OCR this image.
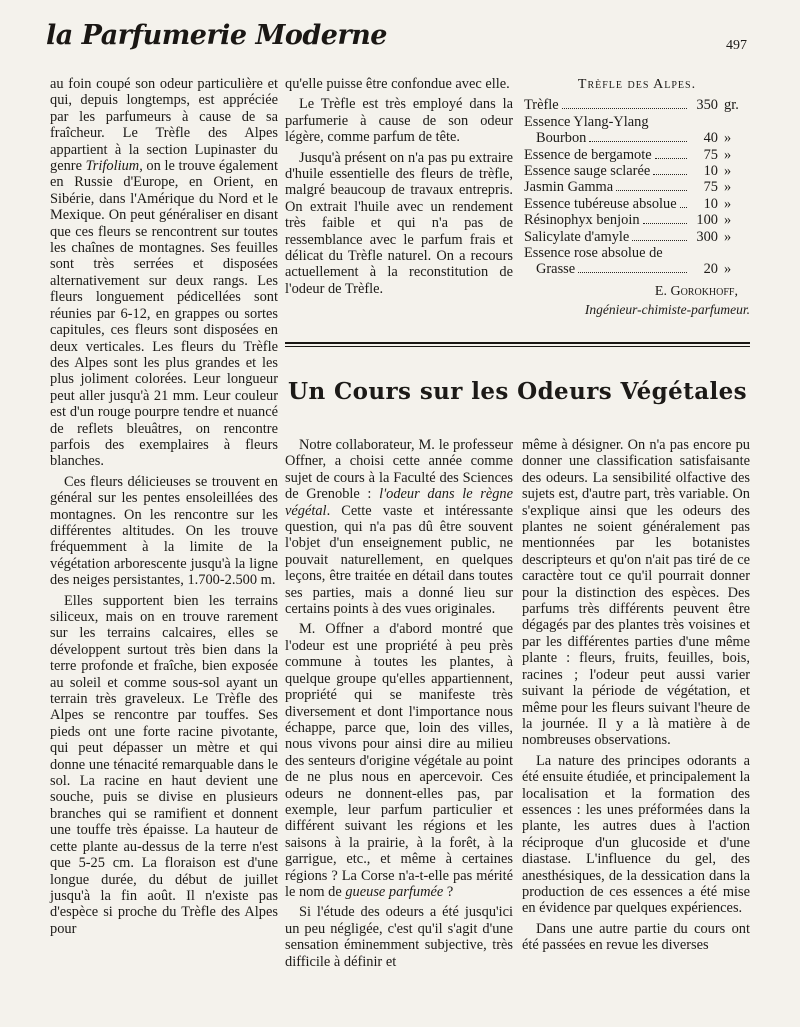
la Parfumerie Moderne	497

au foin coupé son odeur particulière et qui, depuis longtemps, est appréciée par les parfumeurs à cause de sa fraîcheur. Le Trèfle des Alpes appartient à la section Lupinaster du genre Trifolium, on le trouve également en Russie d'Europe, en Orient, en Sibérie, dans l'Amérique du Nord et le Mexique. On peut généraliser en disant que ces fleurs se rencontrent sur toutes les chaînes de montagnes. Ses feuilles sont très serrées et disposées alternativement sur deux rangs. Les fleurs longuement pédicellées sont réunies par 6-12, en grappes ou sortes capitules, ces fleurs sont disposées en deux verticales. Les fleurs du Trèfle des Alpes sont les plus grandes et les plus joliment colorées. Leur longueur peut aller jusqu'à 21 mm. Leur couleur est d'un rouge pourpre tendre et nuancé de reflets bleuâtres, on rencontre parfois des exemplaires à fleurs blanches.

Ces fleurs délicieuses se trouvent en général sur les pentes ensoleillées des montagnes. On les rencontre sur les différentes altitudes. On les trouve fréquemment à la limite de la végétation arborescente jusqu'à la ligne des neiges persistantes, 1.700-2.500 m.

Elles supportent bien les terrains siliceux, mais on en trouve rarement sur les terrains calcaires, elles se développent surtout très bien dans la terre profonde et fraîche, bien exposée au soleil et comme sous-sol ayant un terrain très graveleux. Le Trèfle des Alpes se rencontre par touffes. Ses pieds ont une forte racine pivotante, qui peut dépasser un mètre et qui donne une ténacité remarquable dans le sol. La racine en haut devient une souche, puis se divise en plusieurs branches qui se ramifient et donnent une touffe très épaisse. La hauteur de cette plante au-dessus de la terre n'est que 5-25 cm. La floraison est d'une longue durée, du début de juillet jusqu'à la fin août. Il n'existe pas d'espèce si proche du Trèfle des Alpes pour

qu'elle puisse être confondue avec elle.

Le Trèfle est très employé dans la parfumerie à cause de son odeur légère, comme parfum de tête.

Jusqu'à présent on n'a pas pu extraire d'huile essentielle des fleurs de trèfle, malgré beaucoup de travaux entrepris. On extrait l'huile avec un rendement très faible et qui n'a pas de ressemblance avec le parfum frais et délicat du Trèfle naturel. On a recours actuellement à la reconstitution de l'odeur de Trèfle.

Trèfle des Alpes.
Trèfle	350 gr.
Essence Ylang-Ylang
Bourbon	40 »
Essence de bergamote	75 »
Essence sauge sclarée	10 »
Jasmin Gamma	75 »
Essence tubéreuse absolue	10 »
Résinophyx benjoin	100 »
Salicylate d'amyle	300 »
Essence rose absolue de
Grasse	20 »
E. Gorokhoff,
Ingénieur-chimiste-parfumeur.
Un Cours sur les Odeurs Végétales

Notre collaborateur, M. le professeur Offner, a choisi cette année comme sujet de cours à la Faculté des Sciences de Grenoble : l'odeur dans le règne végétal. Cette vaste et intéressante question, qui n'a pas dû être souvent l'objet d'un enseignement public, ne pouvait naturellement, en quelques leçons, être traitée en détail dans toutes ses parties, mais a donné lieu sur certains points à des vues originales.

M. Offner a d'abord montré que l'odeur est une propriété à peu près commune à toutes les plantes, à quelque groupe qu'elles appartiennent, propriété qui se manifeste très diversement et dont l'importance nous échappe, parce que, loin des villes, nous vivons pour ainsi dire au milieu des senteurs d'origine végétale au point de ne plus nous en apercevoir. Ces odeurs ne donnent-elles pas, par exemple, leur parfum particulier et différent suivant les régions et les saisons à la prairie, à la forêt, à la garrigue, etc., et même à certaines régions ? La Corse n'a-t-elle pas mérité le nom de gueuse parfumée ?

Si l'étude des odeurs a été jusqu'ici un peu négligée, c'est qu'il s'agit d'une sensation éminemment subjective, très difficile à définir et

même à désigner. On n'a pas encore pu donner une classification satisfaisante des odeurs. La sensibilité olfactive des sujets est, d'autre part, très variable. On s'explique ainsi que les odeurs des plantes ne soient généralement pas mentionnées par les botanistes descripteurs et qu'on n'ait pas tiré de ce caractère tout ce qu'il pourrait donner pour la distinction des espèces. Des parfums très différents peuvent être dégagés par des plantes très voisines et par les différentes parties d'une même plante : fleurs, fruits, feuilles, bois, racines ; l'odeur peut aussi varier suivant la période de végétation, et même pour les fleurs suivant l'heure de la journée. Il y a là matière à de nombreuses observations.

La nature des principes odorants a été ensuite étudiée, et principalement la localisation et la formation des essences : les unes préformées dans la plante, les autres dues à l'action réciproque d'un glucoside et d'une diastase. L'influence du gel, des anesthésiques, de la dessication dans la production de ces essences a été mise en évidence par quelques expériences.

Dans une autre partie du cours ont été passées en revue les diverses
